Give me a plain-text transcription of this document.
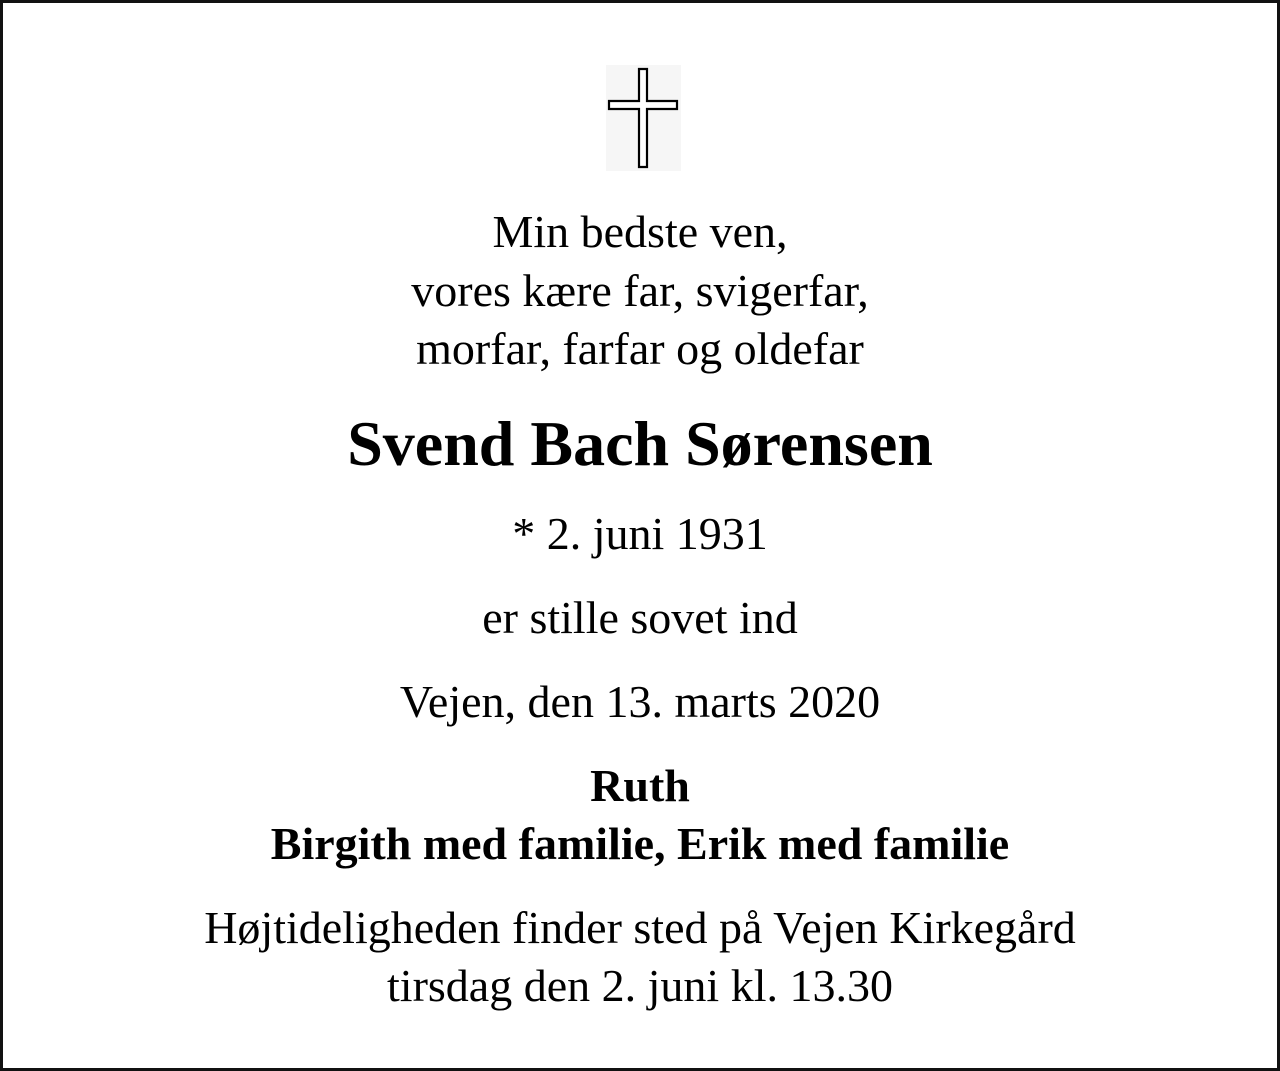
Min bedste ven,
vores kære far, svigerfar,
morfar, farfar og oldefar
Svend Bach Sørensen
* 2. juni 1931
er stille sovet ind
Vejen, den 13. marts 2020
Ruth
Birgith med familie, Erik med familie
Højtideligheden finder sted på Vejen Kirkegård
tirsdag den 2. juni kl. 13.30
